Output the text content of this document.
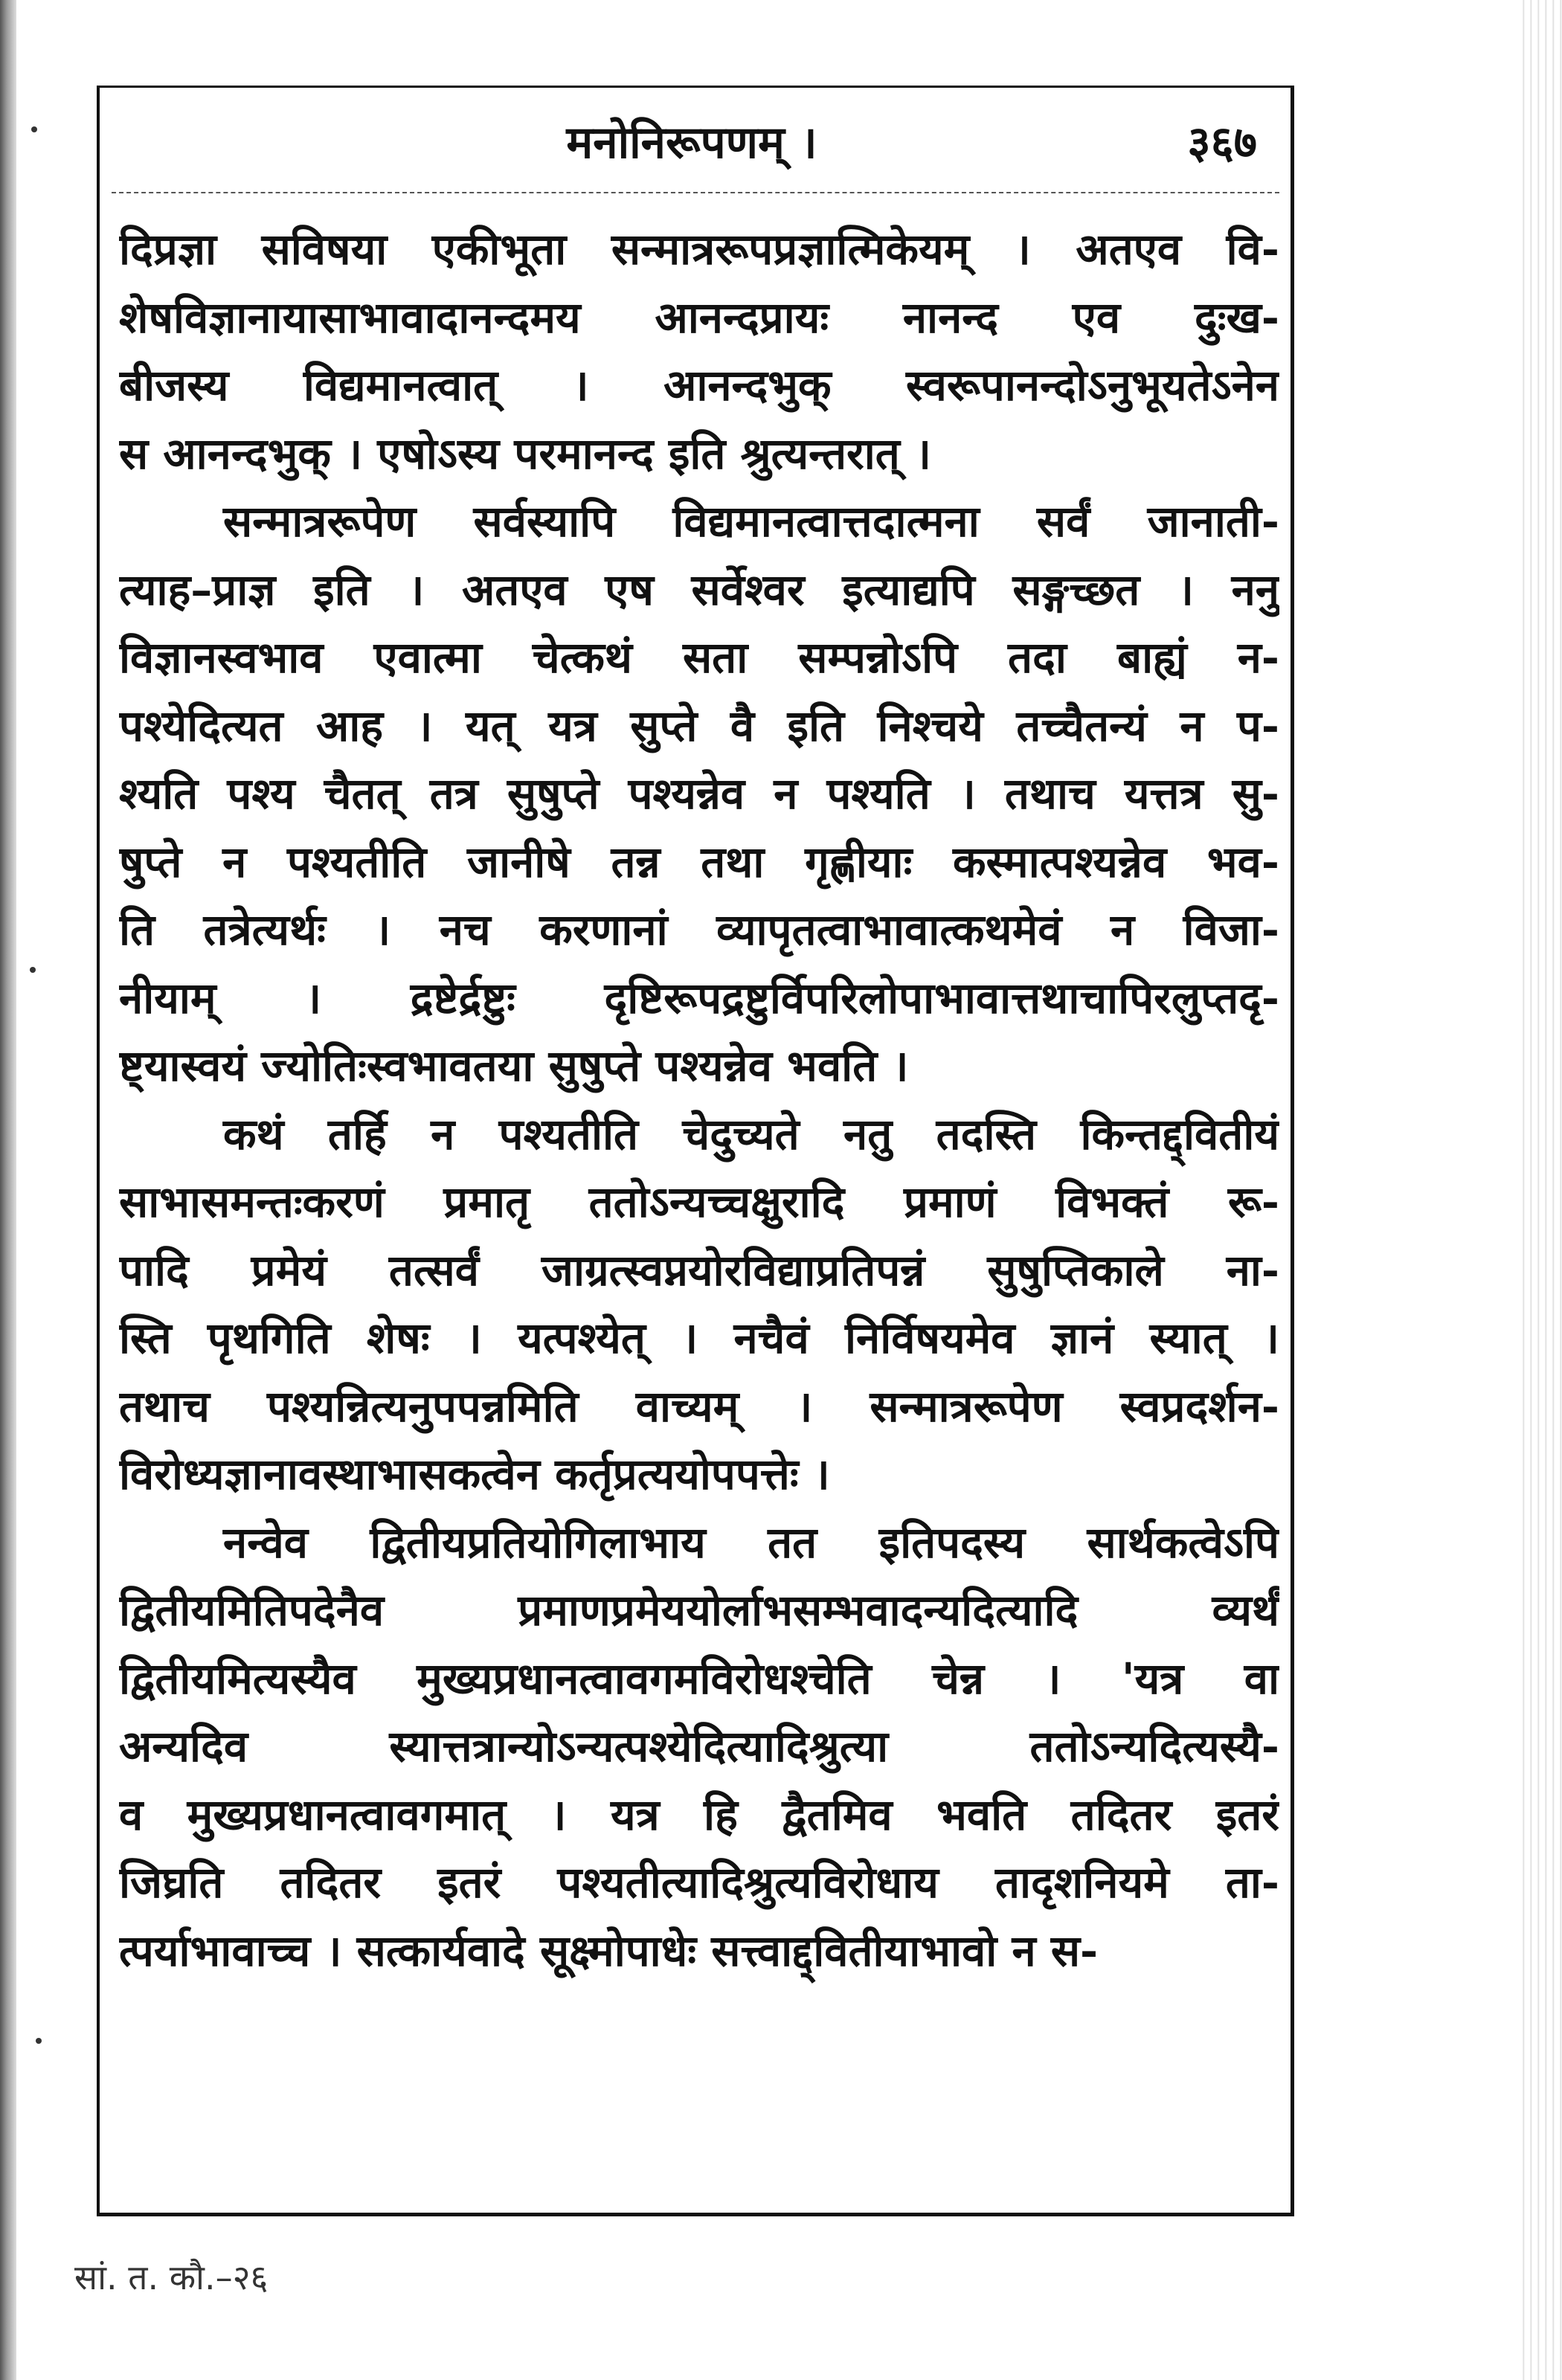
मनोनिरूपणम् ।	३६७
दिप्रज्ञा सविषया एकीभूता सन्मात्ररूपप्रज्ञात्मिकेयम् । अतएव वि-
शेषविज्ञानायासाभावादानन्दमय आनन्दप्रायः नानन्द एव दुःख-
बीजस्य विद्यमानत्वात् । आनन्दभुक् स्वरूपानन्दोऽनुभूयतेऽनेन
स आनन्दभुक् । एषोऽस्य परमानन्द इति श्रुत्यन्तरात् ।
सन्मात्ररूपेण सर्वस्यापि विद्यमानत्वात्तदात्मना सर्वं जानाती-
त्याह–प्राज्ञ इति । अतएव एष सर्वेश्वर इत्याद्यपि सङ्गच्छत । ननु
विज्ञानस्वभाव एवात्मा चेत्कथं सता सम्पन्नोऽपि तदा बाह्यं न-
पश्येदित्यत आह । यत् यत्र सुप्ते वै इति निश्चये तच्चैतन्यं न प-
श्यति पश्य चैतत् तत्र सुषुप्ते पश्यन्नेव न पश्यति । तथाच यत्तत्र सु-
षुप्ते न पश्यतीति जानीषे तन्न तथा गृह्णीयाः कस्मात्पश्यन्नेव भव-
ति तत्रेत्यर्थः । नच करणानां व्यापृतत्वाभावात्कथमेवं न विजा-
नीयाम् । द्रष्टेर्द्रष्टुः दृष्टिरूपद्रष्टुर्विपरिलोपाभावात्तथाचापिरलुप्तदृ-
ष्ट्यास्वयं ज्योतिःस्वभावतया सुषुप्ते पश्यन्नेव भवति ।
कथं तर्हि न पश्यतीति चेदुच्यते नतु तदस्ति किन्तद्द्वितीयं
साभासमन्तःकरणं प्रमातृ ततोऽन्यच्चक्षुरादि प्रमाणं विभक्तं रू-
पादि प्रमेयं तत्सर्वं जाग्रत्स्वप्नयोरविद्याप्रतिपन्नं सुषुप्तिकाले ना-
स्ति पृथगिति शेषः । यत्पश्येत् । नचैवं निर्विषयमेव ज्ञानं स्यात् ।
तथाच पश्यन्नित्यनुपपन्नमिति वाच्यम् । सन्मात्ररूपेण स्वप्रदर्शन-
विरोध्यज्ञानावस्थाभासकत्वेन कर्तृप्रत्ययोपपत्तेः ।
नन्वेव द्वितीयप्रतियोगिलाभाय तत इतिपदस्य सार्थकत्वेऽपि
द्वितीयमितिपदेनैव प्रमाणप्रमेययोर्लाभसम्भवादन्यदित्यादि व्यर्थं
द्वितीयमित्यस्यैव मुख्यप्रधानत्वावगमविरोधश्चेति चेन्न । 'यत्र वा
अन्यदिव स्यात्तत्रान्योऽन्यत्पश्येदित्यादिश्रुत्या ततोऽन्यदित्यस्यै-
व मुख्यप्रधानत्वावगमात् । यत्र हि द्वैतमिव भवति तदितर इतरं
जिघ्रति तदितर इतरं पश्यतीत्यादिश्रुत्यविरोधाय तादृशनियमे ता-
त्पर्याभावाच्च । सत्कार्यवादे सूक्ष्मोपाधेः सत्त्वाद्द्वितीयाभावो न स-
सां. त. कौ.–२६
